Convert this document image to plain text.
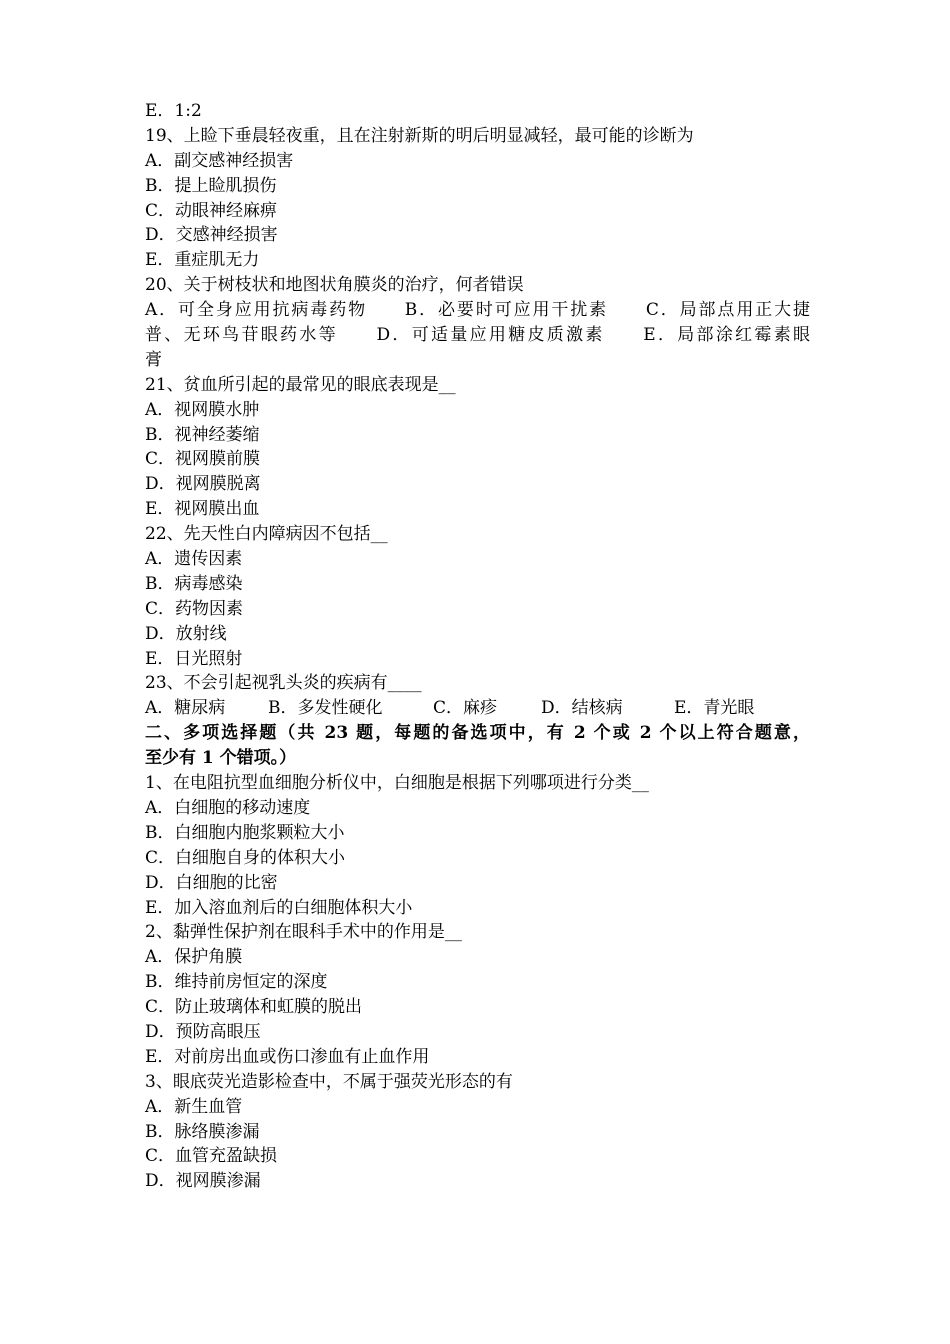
E．1:2
19、上睑下垂晨轻夜重，且在注射新斯的明后明显减轻，最可能的诊断为
A．副交感神经损害
B．提上睑肌损伤
C．动眼神经麻痹
D．交感神经损害
E．重症肌无力
20、关于树枝状和地图状角膜炎的治疗，何者错误
A．可全身应用抗病毒药物　　B．必要时可应用干扰素　　C．局部点用正大捷
普、无环鸟苷眼药水等　　D．可适量应用糖皮质激素　　E．局部涂红霉素眼
膏
21、贫血所引起的最常见的眼底表现是__
A．视网膜水肿
B．视神经萎缩
C．视网膜前膜
D．视网膜脱离
E．视网膜出血
22、先天性白内障病因不包括__
A．遗传因素
B．病毒感染
C．药物因素
D．放射线
E．日光照射
23、不会引起视乳头炎的疾病有____
A．糖尿病	B．多发性硬化	C．麻疹	D．结核病	E．青光眼
二、多项选择题（共 23 题，每题的备选项中，有 2 个或 2 个以上符合题意，
至少有 1 个错项。）
1、在电阻抗型血细胞分析仪中，白细胞是根据下列哪项进行分类__
A．白细胞的移动速度
B．白细胞内胞浆颗粒大小
C．白细胞自身的体积大小
D．白细胞的比密
E．加入溶血剂后的白细胞体积大小
2、黏弹性保护剂在眼科手术中的作用是__
A．保护角膜
B．维持前房恒定的深度
C．防止玻璃体和虹膜的脱出
D．预防高眼压
E．对前房出血或伤口渗血有止血作用
3、眼底荧光造影检查中，不属于强荧光形态的有
A．新生血管
B．脉络膜渗漏
C．血管充盈缺损
D．视网膜渗漏
